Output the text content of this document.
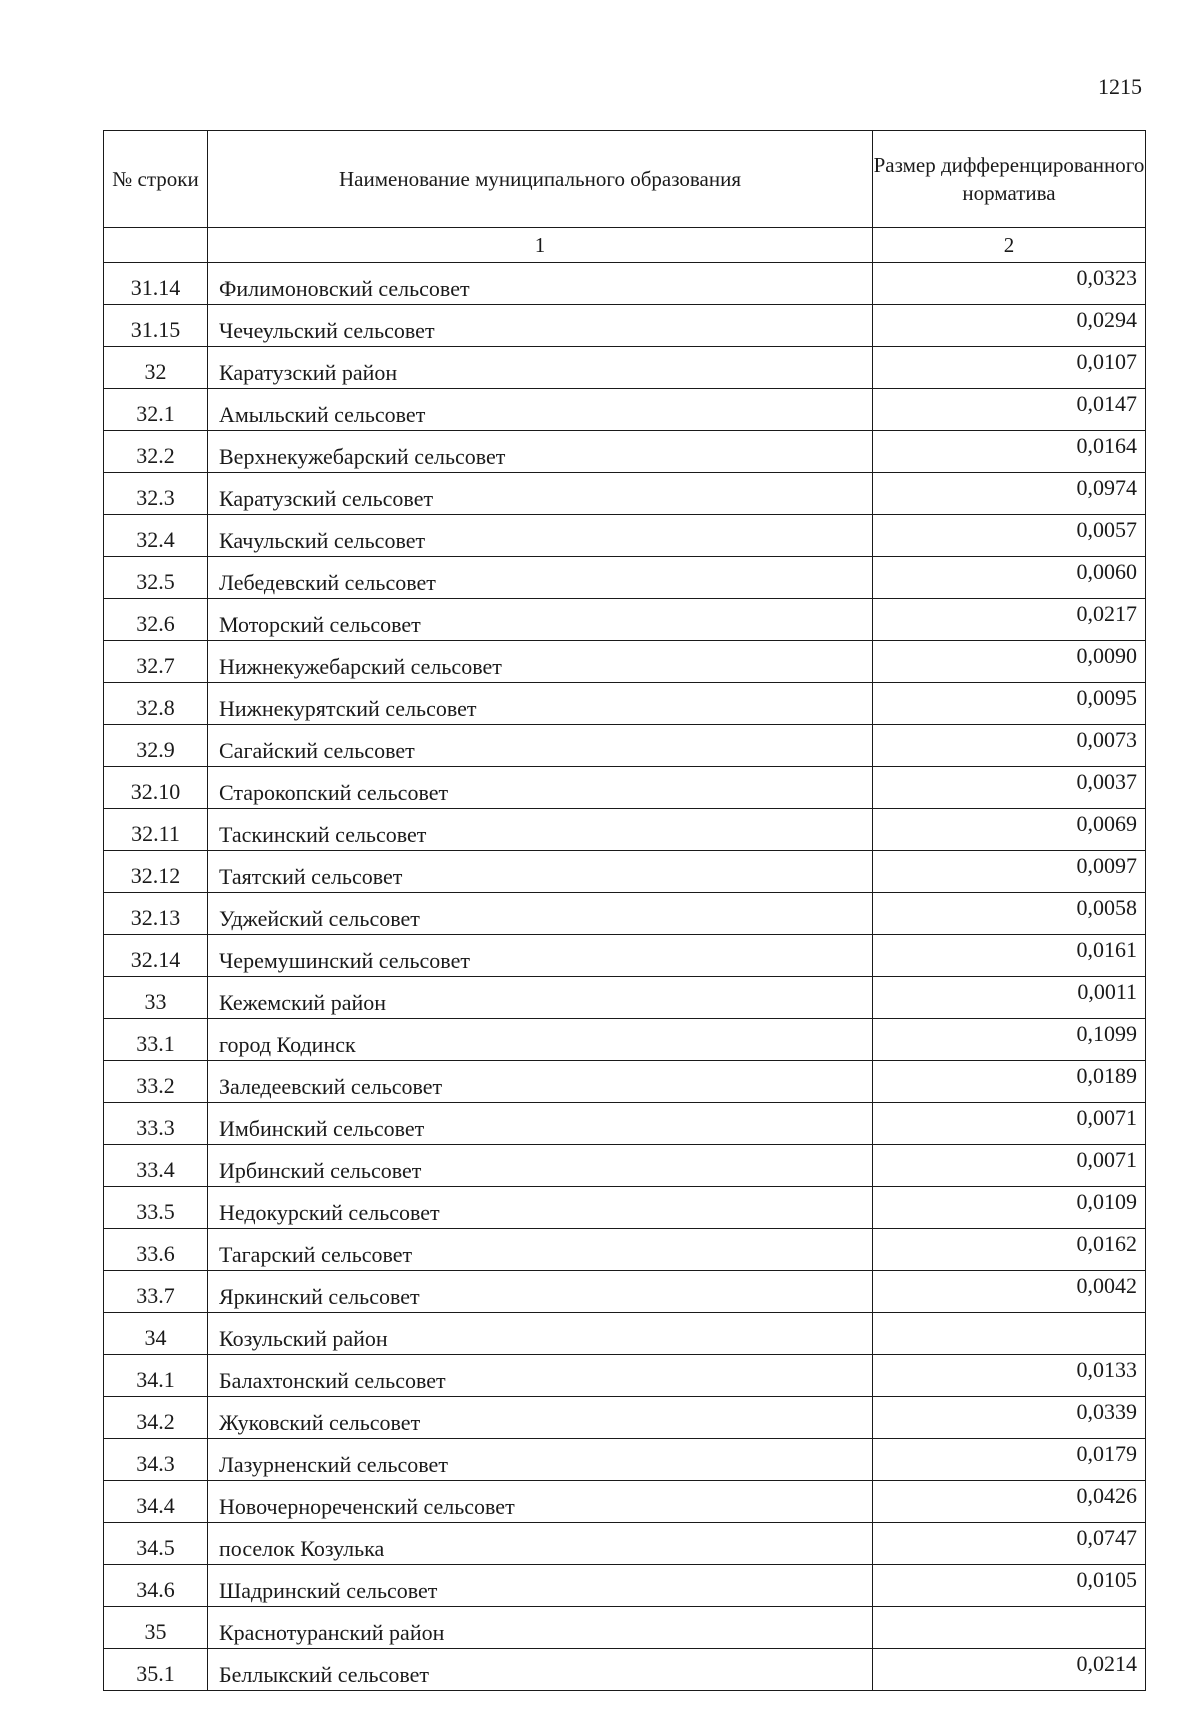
1215
№ строки	Наименование муниципального образования	Размер дифференцированного норматива
	1	2
31.14	Филимоновский сельсовет	0,0323
31.15	Чечеульский сельсовет	0,0294
32	Каратузский район	0,0107
32.1	Амыльский сельсовет	0,0147
32.2	Верхнекужебарский сельсовет	0,0164
32.3	Каратузский сельсовет	0,0974
32.4	Качульский сельсовет	0,0057
32.5	Лебедевский сельсовет	0,0060
32.6	Моторский сельсовет	0,0217
32.7	Нижнекужебарский сельсовет	0,0090
32.8	Нижнекурятский сельсовет	0,0095
32.9	Сагайский сельсовет	0,0073
32.10	Старокопский сельсовет	0,0037
32.11	Таскинский сельсовет	0,0069
32.12	Таятский сельсовет	0,0097
32.13	Уджейский сельсовет	0,0058
32.14	Черемушинский сельсовет	0,0161
33	Кежемский район	0,0011
33.1	город Кодинск	0,1099
33.2	Заледеевский сельсовет	0,0189
33.3	Имбинский сельсовет	0,0071
33.4	Ирбинский сельсовет	0,0071
33.5	Недокурский сельсовет	0,0109
33.6	Тагарский сельсовет	0,0162
33.7	Яркинский сельсовет	0,0042
34	Козульский район	
34.1	Балахтонский сельсовет	0,0133
34.2	Жуковский сельсовет	0,0339
34.3	Лазурненский сельсовет	0,0179
34.4	Новочернореченский сельсовет	0,0426
34.5	поселок Козулька	0,0747
34.6	Шадринский сельсовет	0,0105
35	Краснотуранский район	
35.1	Беллыкский сельсовет	0,0214
